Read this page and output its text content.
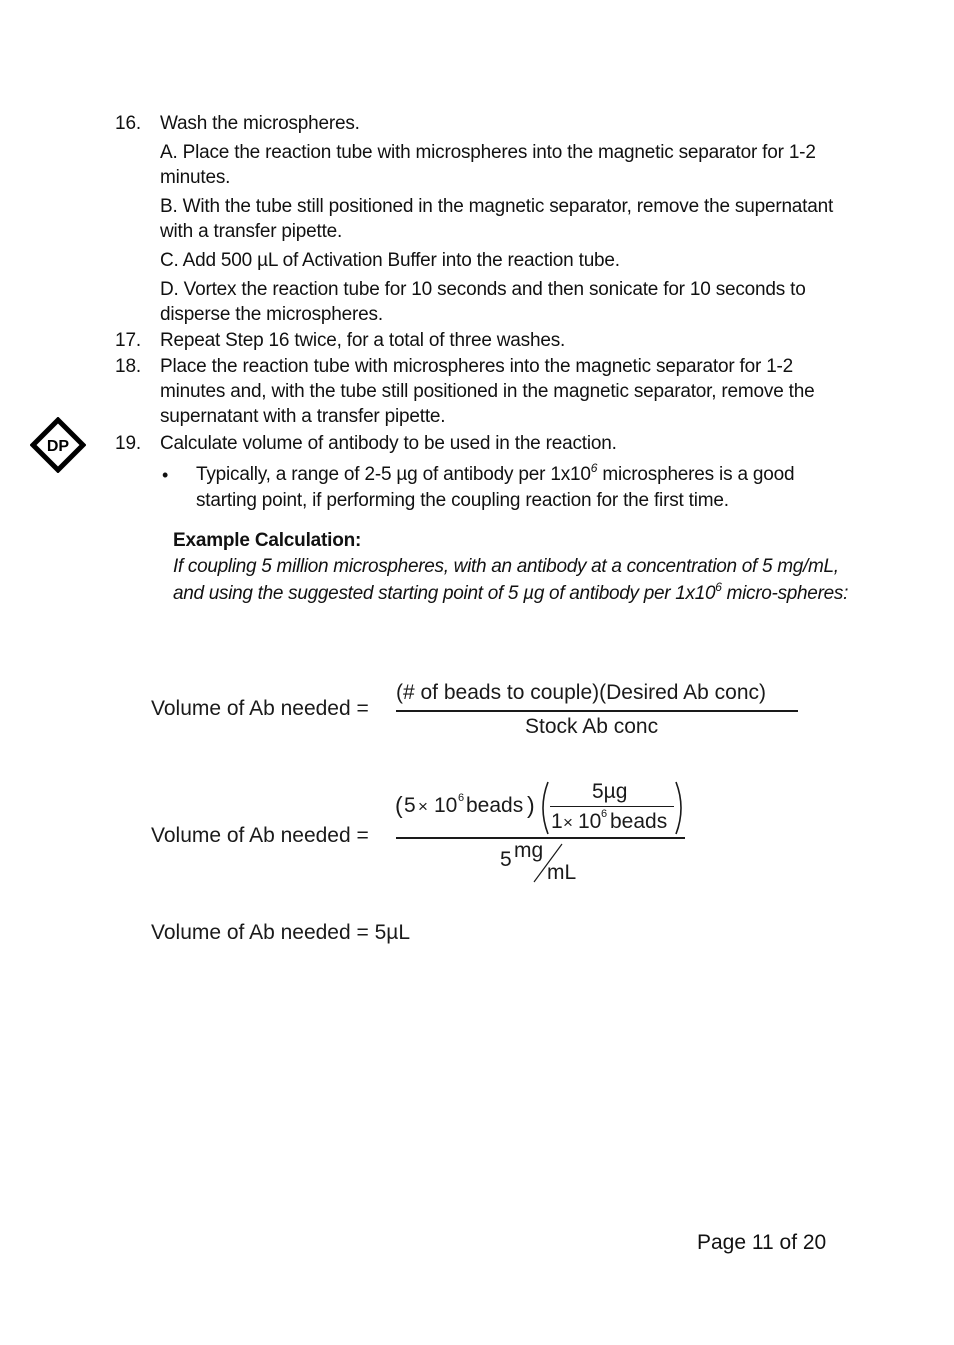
DP
16. Wash the microspheres.
A. Place the reaction tube with microspheres into the magnetic separator for 1-2 minutes.
B. With the tube still positioned in the magnetic separator, remove the supernatant with a transfer pipette.
C. Add 500 µL of Activation Buffer into the reaction tube.
D. Vortex the reaction tube for 10 seconds and then sonicate for 10 seconds to disperse the microspheres.
17. Repeat Step 16 twice, for a total of three washes.
18. Place the reaction tube with microspheres into the magnetic separator for 1-2 minutes and, with the tube still positioned in the magnetic separator, remove the supernatant with a transfer pipette.
19. Calculate volume of antibody to be used in the reaction.
• Typically, a range of 2-5 µg of antibody per $1x10^6$ microspheres is a good starting point, if performing the coupling reaction for the first time.
Example Calculation:
If coupling 5 million microspheres, with an antibody at a concentration of 5 mg/mL, and using the suggested starting point of 5 µg of antibody per $1x10^6$ micro-spheres:
Volume of Ab needed =
(# of beads to couple)(Desired Ab conc)
Stock Ab conc
Volume of Ab needed =
( 5 × 10 6 beads )
5µg
1 × 10 6 beads
5 mg
mL
Volume of Ab needed = 5µL
Page 11 of 20
